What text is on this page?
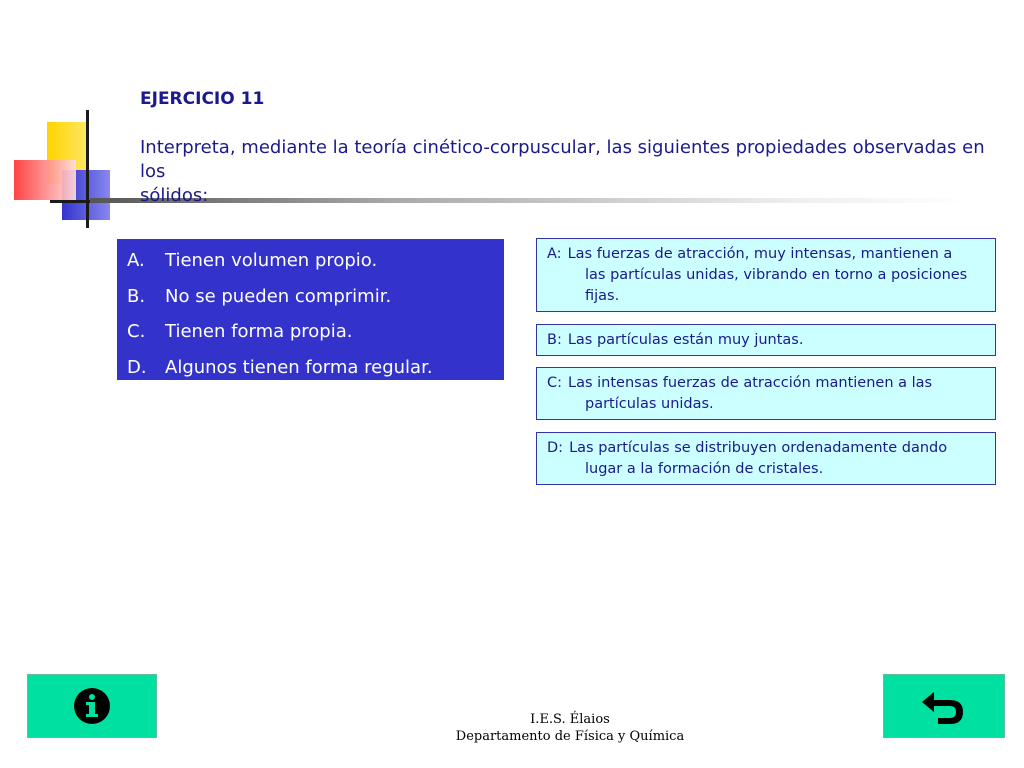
EJERCICIO 11
Interpreta, mediante la teoría cinético-corpuscular, las siguientes propiedades observadas en los
sólidos:
A.	Tienen volumen propio.
B.	No se pueden comprimir.
C.	Tienen forma propia.
D.	Algunos tienen forma regular.
A: Las fuerzas de atracción, muy intensas, mantienen a
las partículas unidas, vibrando en torno a posiciones
fijas.
B: Las partículas están muy juntas.
C: Las intensas fuerzas de atracción mantienen a las
partículas unidas.
D: Las partículas se distribuyen ordenadamente dando
lugar a la formación de cristales.
I.E.S. Élaios
Departamento de Física y Química
